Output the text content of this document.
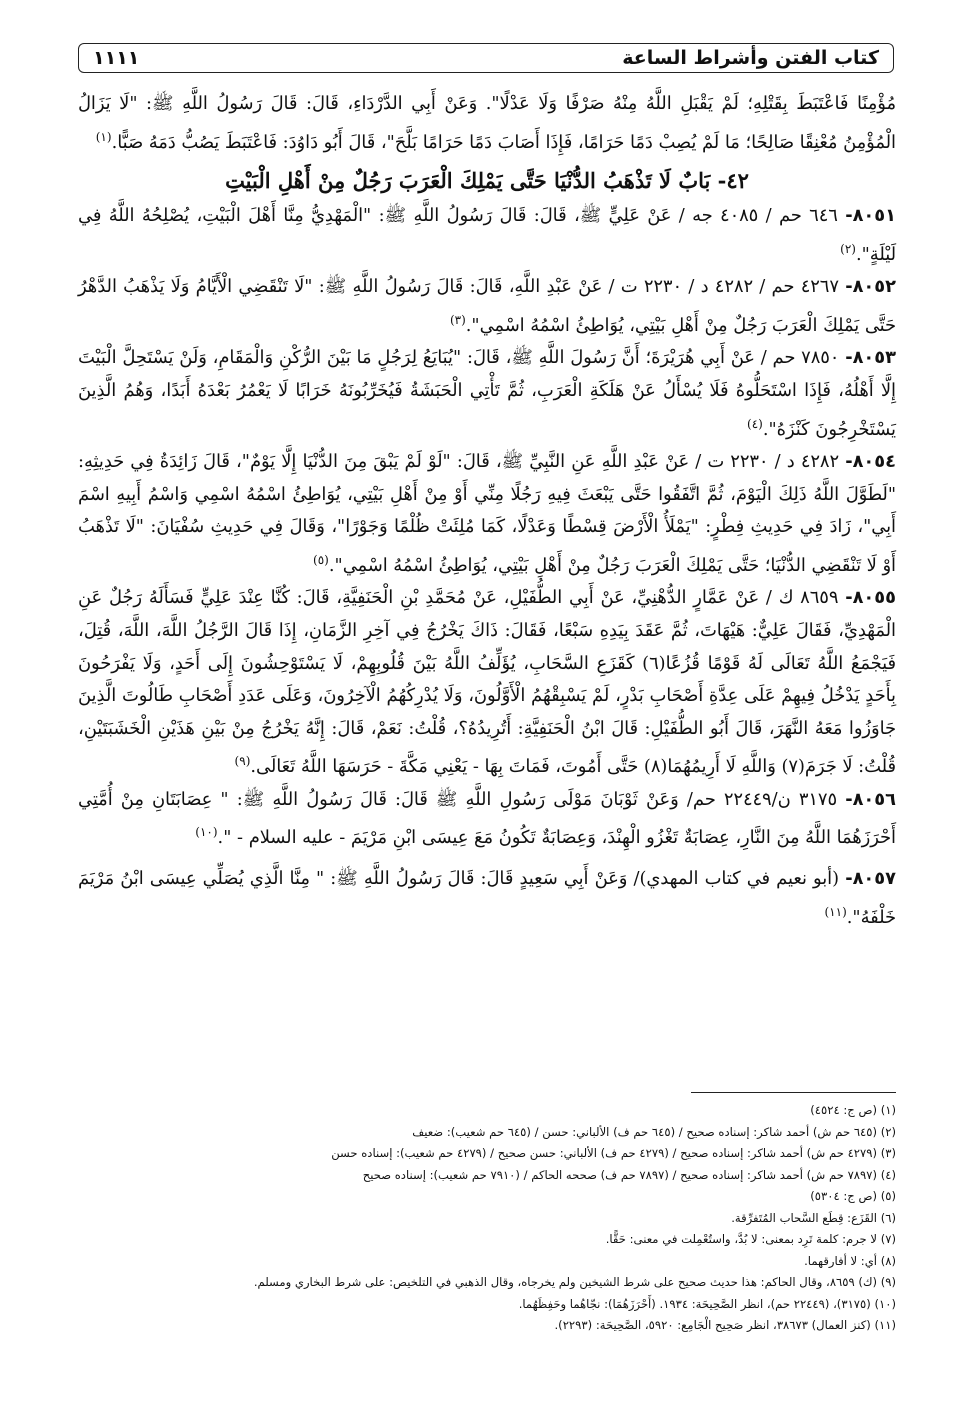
كتاب الفتن وأشراط الساعة
١١١١

مُؤْمِنًا فَاعْتَبَطَ بِقَتْلِهِ؛ لَمْ يَقْبَلِ اللَّهُ مِنْهُ صَرْفًا وَلَا عَدْلًا". وَعَنْ أَبِي الدَّرْدَاءِ، قَالَ: قَالَ رَسُولُ اللَّهِ ﷺ: "لَا يَزَالُ الْمُؤْمِنُ مُعْنِقًا صَالِحًا؛ مَا لَمْ يُصِبْ دَمًا حَرَامًا، فَإِذَا أَصَابَ دَمًا حَرَامًا بَلَّحَ"، قَالَ أَبُو دَاوُدَ: فَاعْتَبَطَ يَصُبُّ دَمَهُ صَبًّا.$^{(١)}$

٤٢- بَابٌ لَا تَذْهَبُ الدُّنْيَا حَتَّى يَمْلِكَ الْعَرَبَ رَجُلٌ مِنْ أَهْلِ الْبَيْتِ

٨٠٥١- ٦٤٦ حم / ٤٠٨٥ جه / عَنْ عَلِيٍّ ﷺ، قَالَ: قَالَ رَسُولُ اللَّهِ ﷺ: "الْمَهْدِيُّ مِنَّا أَهْلَ الْبَيْتِ، يُصْلِحُهُ اللَّهُ فِي لَيْلَةٍ".$^{(٢)}$

٨٠٥٢- ٤٢٦٧ حم / ٤٢٨٢ د / ٢٢٣٠ ت / عَنْ عَبْدِ اللَّهِ، قَالَ: قَالَ رَسُولُ اللَّهِ ﷺ: "لَا تَنْقَضِي الْأَيَّامُ وَلَا يَذْهَبُ الدَّهْرُ حَتَّى يَمْلِكَ الْعَرَبَ رَجُلٌ مِنْ أَهْلِ بَيْتِي، يُوَاطِئُ اسْمُهُ اسْمِي".$^{(٣)}$

٨٠٥٣- ٧٨٥٠ حم / عَنْ أَبِي هُرَيْرَةَ؛ أَنَّ رَسُولَ اللَّهِ ﷺ، قَالَ: "يُبَايَعُ لِرَجُلٍ مَا بَيْنَ الرُّكْنِ وَالْمَقَامِ، وَلَنْ يَسْتَحِلَّ الْبَيْتَ إِلَّا أَهْلُهُ، فَإِذَا اسْتَحَلُّوهُ فَلَا يُسْأَلُ عَنْ هَلَكَةِ الْعَرَبِ، ثُمَّ تَأْتِي الْحَبَشَةُ فَيُخَرِّبُونَهُ خَرَابًا لَا يَعْمُرُ بَعْدَهُ أَبَدًا، وَهُمُ الَّذِينَ يَسْتَخْرِجُونَ كَنْزَهُ".$^{(٤)}$

٨٠٥٤- ٤٢٨٢ د / ٢٢٣٠ ت / عَنْ عَبْدِ اللَّهِ عَنِ النَّبِيِّ ﷺ، قَالَ: "لَوْ لَمْ يَبْقَ مِنَ الدُّنْيَا إِلَّا يَوْمٌ"، قَالَ زَائِدَةُ فِي حَدِيثِهِ: "لَطَوَّلَ اللَّهُ ذَلِكَ الْيَوْمَ، ثُمَّ اتَّفَقُوا حَتَّى يَبْعَثَ فِيهِ رَجُلًا مِنِّي أَوْ مِنْ أَهْلِ بَيْتِي، يُوَاطِئُ اسْمُهُ اسْمِي وَاسْمُ أَبِيهِ اسْمَ أَبِي"، زَادَ فِي حَدِيثِ فِطْرٍ: "يَمْلَأُ الْأَرْضَ قِسْطًا وَعَدْلًا، كَمَا مُلِئَتْ ظُلْمًا وَجَوْرًا"، وَقَالَ فِي حَدِيثِ سُفْيَانَ: "لَا تَذْهَبُ أَوْ لَا تَنْقَضِي الدُّنْيَا؛ حَتَّى يَمْلِكَ الْعَرَبَ رَجُلٌ مِنْ أَهْلِ بَيْتِي، يُوَاطِئُ اسْمُهُ اسْمِي".$^{(٥)}$

٨٠٥٥- ٨٦٥٩ ك / عَنْ عَمَّارٍ الدُّهْنِيِّ، عَنْ أَبِي الطُّفَيْلِ، عَنْ مُحَمَّدِ بْنِ الْحَنَفِيَّةِ، قَالَ: كُنَّا عِنْدَ عَلِيٍّ فَسَأَلَهُ رَجُلٌ عَنِ الْمَهْدِيِّ، فَقَالَ عَلِيٌّ: هَيْهَاتَ، ثُمَّ عَقَدَ بِيَدِهِ سَبْعًا، فَقَالَ: ذَاكَ يَخْرُجُ فِي آخِرِ الزَّمَانِ، إِذَا قَالَ الرَّجُلُ اللَّهَ، اللَّهَ، قُتِلَ، فَيَجْمَعُ اللَّهُ تَعَالَى لَهُ قَوْمًا قُزُعًا(٦) كَقَزَعِ السَّحَابِ، يُؤَلِّفُ اللَّهُ بَيْنَ قُلُوبِهِمْ، لَا يَسْتَوْحِشُونَ إِلَى أَحَدٍ، وَلَا يَفْرَحُونَ بِأَحَدٍ يَدْخُلُ فِيهِمْ عَلَى عِدَّةِ أَصْحَابِ بَدْرٍ، لَمْ يَسْبِقْهُمُ الْأَوَّلُونَ، وَلَا يُدْرِكُهُمُ الْآخِرُونَ، وَعَلَى عَدَدِ أَصْحَابِ طَالُوتَ الَّذِينَ جَاوَزُوا مَعَهُ النَّهَرَ، قَالَ أَبُو الطُّفَيْلِ: قَالَ ابْنُ الْحَنَفِيَّةِ: أَتُرِيدُهُ؟، قُلْتُ: نَعَمْ، قَالَ: إِنَّهُ يَخْرُجُ مِنْ بَيْنِ هَذَيْنِ الْخَشَبَتَيْنِ، قُلْتُ: لَا جَرَمَ(٧) وَاللَّهِ لَا أَرِيمُهُمَا(٨) حَتَّى أَمُوتَ، فَمَاتَ بِهَا - يَعْنِي مَكَّةَ - حَرَسَهَا اللَّهُ تَعَالَى.$^{(٩)}$

٨٠٥٦- ٣١٧٥ ن/٢٢٤٤٩ حم/ وَعَنْ ثَوْبَانَ مَوْلَى رَسُولِ اللَّهِ ﷺ قَالَ: قَالَ رَسُولُ اللَّهِ ﷺ: " عِصَابَتَانِ مِنْ أُمَّتِي أَحْرَزَهُمَا اللَّهُ مِنَ النَّارِ، عِصَابَةٌ تَغْزُو الْهِنْدَ، وَعِصَابَةٌ تَكُونُ مَعَ عِيسَى ابْنِ مَرْيَمَ - عليه السلام - ".$^{(١٠)}$

٨٠٥٧- (أبو نعيم في كتاب المهدي)/ وَعَنْ أَبِي سَعِيدٍ قَالَ: قَالَ رَسُولُ اللَّهِ ﷺ: " مِنَّا الَّذِي يُصَلِّي عِيسَى ابْنُ مَرْيَمَ خَلْفَهُ".$^{(١١)}$

(١) (ص ج: ٤٥٢٤)
(٢) (٦٤٥ حم ش) أحمد شاكر: إسناده صحيح / (٦٤٥ حم ف) الألباني: حسن / (٦٤٥ حم شعيب): ضعيف
(٣) (٤٢٧٩ حم ش) أحمد شاكر: إسناده صحيح / (٤٢٧٩ حم ف) الألباني: حسن صحيح / (٤٢٧٩ حم شعيب): إسناده حسن
(٤) (٧٨٩٧ حم ش) أحمد شاكر: إسناده صحيح / (٧٨٩٧ حم ف) صححه الحاكم / (٧٩١٠ حم شعيب): إسناده صحيح
(٥) (ص ج: ٥٣٠٤)
(٦) القَزَع: قِطَع السَّحاب المُتَفرِّقة.
(٧) لا جرم: كلمة تَرِد بمعنى: لا بُدَّ، واستُعْمِلت في معنى: حَقًّا.
(٨) أي: لا أفارقهما.
(٩) (ك) ٨٦٥٩، وقال الحاكم: هذا حديث صحيح على شرط الشيخين ولم يخرجاه، وقال الذهبي في التلخيص: على شرط البخاري ومسلم.
(١٠) (٣١٧٥)، (٢٢٤٤٩ حم)، انظر الصَّحِيحَة: ١٩٣٤. (أَحْرَزَهُمَا): نجّاهُما وحَفِظَهُما.
(١١) (كنز العمال) ٣٨٦٧٣، انظر صَحِيح الْجَامِع: ٥٩٢٠، الصَّحِيحَة: (٢٢٩٣).
